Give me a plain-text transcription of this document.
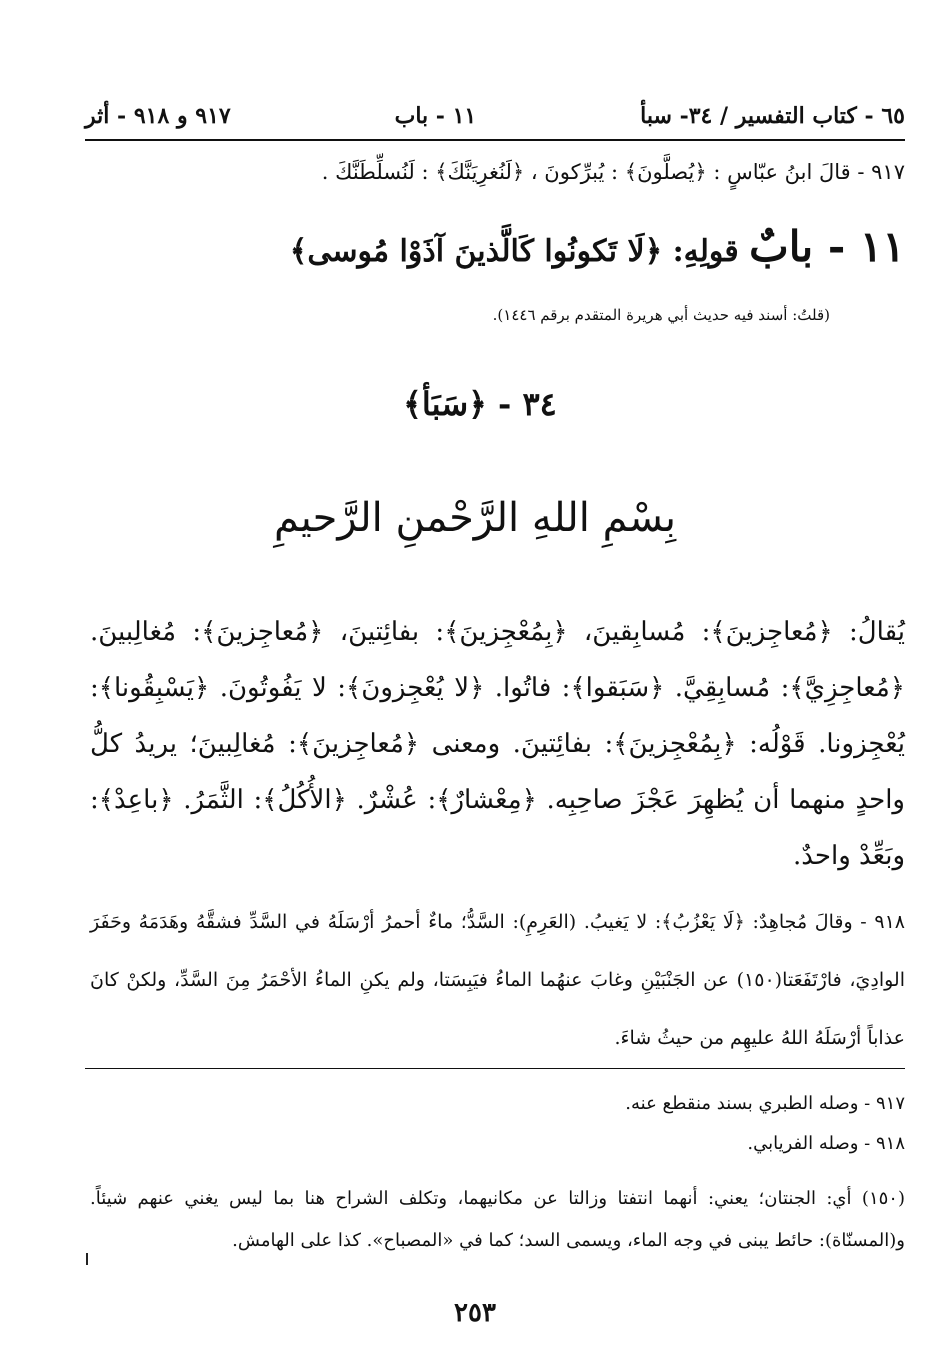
٦٥ - كتاب التفسير / ٣٤- سبأ
١١ - باب
٩١٧ و ٩١٨ - أثر
٩١٧ - قالَ ابنُ عبّاسٍ : ﴿يُصلَّونَ﴾ : يُبرِّكونَ ، ﴿لَنُغرِيَنَّكَ﴾ : لَنُسلِّطَنَّكَ .
١١ - بابٌ قولِهِ: ﴿لَا تَكونُوا كَالَّذينَ آذَوْا مُوسى﴾
(قلتُ: أسند فيه حديث أبي هريرة المتقدم برقم ١٤٤٦).
٣٤ - ﴿سَبَأ﴾
بِسْمِ اللهِ الرَّحْمنِ الرَّحيمِ
يُقالُ: ﴿مُعاجِزينَ﴾: مُسابِقينَ، ﴿بِمُعْجِزينَ﴾: بفائِتينَ، ﴿مُعاجِزينَ﴾: مُغالِبينَ. ﴿مُعاجِزِيَّ﴾: مُسابِقِيَّ. ﴿سَبَقوا﴾: فاتُوا. ﴿لا يُعْجِزونَ﴾: لا يَفُوتُونَ. ﴿يَسْبِقُونا﴾: يُعْجِزونا. قَوْلُه: ﴿بِمُعْجِزينَ﴾: بفائِتينَ. ومعنى ﴿مُعاجِزينَ﴾: مُغالِبينَ؛ يريدُ كلُّ واحدٍ منهما أن يُظهِرَ عَجْزَ صاحِبِه. ﴿مِعْشارٌ﴾: عُشْرٌ. ﴿الأُكُلُ﴾: الثَّمَرُ. ﴿باعِدْ﴾: وبَعِّدْ واحدٌ.
٩١٨ - وقالَ مُجاهِدٌ: ﴿لَا يَعْزُبُ﴾: لا يَغيبُ. (العَرِمِ): السَّدُّ؛ ماءٌ أحمرُ أرْسَلَهُ في السَّدِّ فشقَّهُ وهَدَمَهُ وحَفَرَ الوادِيَ، فارْتَفَعَتا(١٥٠) عن الجَنْبَيْنِ وغابَ عنهُما الماءُ فيَبِسَتا، ولم يكنِ الماءُ الأحْمَرُ مِنَ السَّدِّ، ولكنْ كانَ عذاباً أرْسَلَهُ اللهُ عليهِم من حيثُ شاءَ.
٩١٧ - وصله الطبري بسند منقطع عنه.
٩١٨ - وصله الفريابي.
(١٥٠) أي: الجنتان؛ يعني: أنهما انتفتا وزالتا عن مكانيهما، وتكلف الشراح هنا بما ليس يغني عنهم شيئاً. و(المسنّاة): حائط يبنى في وجه الماء، ويسمى السد؛ كما في «المصباح». كذا على الهامش.
٢٥٣
